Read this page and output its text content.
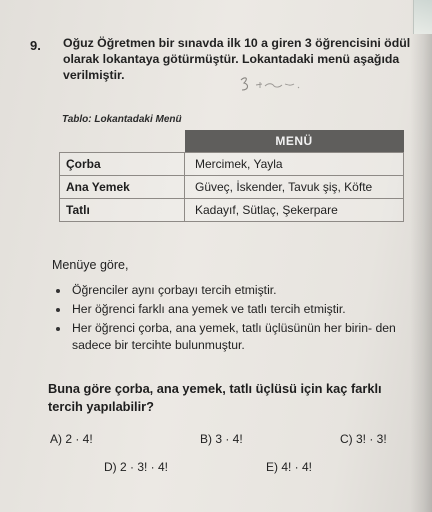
9. Oğuz Öğretmen bir sınavda ilk 10 a giren 3 öğrencisini ödül
olarak lokantaya götürmüştür. Lokantadaki menü aşağıda
verilmiştir.
Tablo: Lokantadaki Menü
	MENÜ
Çorba	Mercimek, Yayla
Ana Yemek	Güveç, İskender, Tavuk şiş, Köfte
Tatlı	Kadayıf, Sütlaç, Şekerpare
Menüye göre,
Öğrenciler aynı çorbayı tercih etmiştir.
Her öğrenci farklı ana yemek ve tatlı tercih etmiştir.
Her öğrenci çorba, ana yemek, tatlı üçlüsünün her birin- den sadece bir tercihte bulunmuştur.
Buna göre çorba, ana yemek, tatlı üçlüsü için kaç farklı tercih yapılabilir?
A) 2 · 4!	B) 3 · 4!	C) 3! · 3!
D) 2 · 3! · 4!	E) 4! · 4!
